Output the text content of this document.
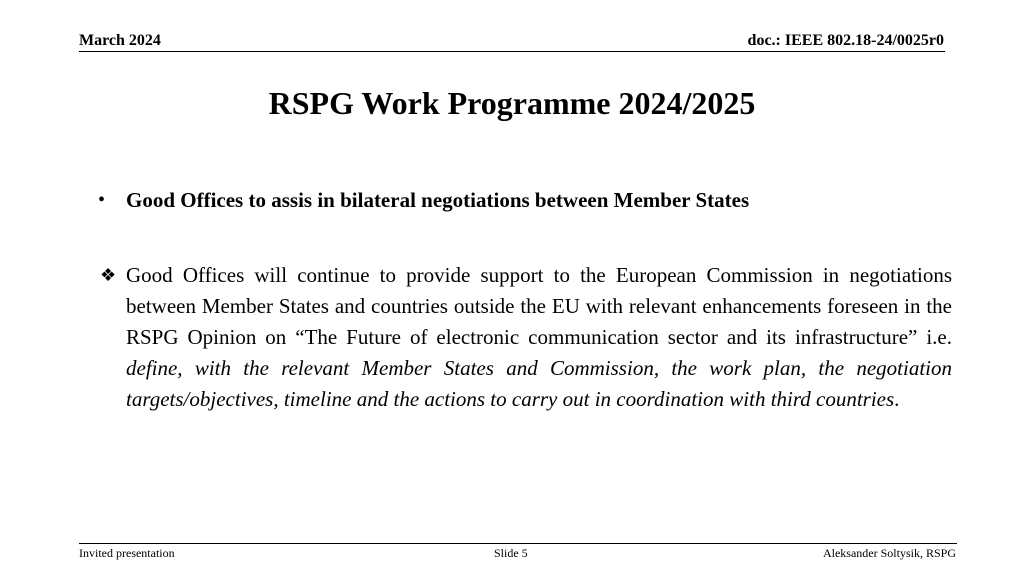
March 2024	doc.: IEEE 802.18-24/0025r0
RSPG Work Programme 2024/2025
• Good Offices to assis in bilateral negotiations between Member States
❖ Good Offices will continue to provide support to the European Commission in negotiations between Member States and countries outside the EU with relevant enhancements foreseen in the RSPG Opinion on “The Future of electronic communication sector and its infrastructure” i.e. define, with the relevant Member States and Commission, the work plan, the negotiation targets/objectives, timeline and the actions to carry out in coordination with third countries.
Invited presentation	Slide 5	Aleksander Soltysik, RSPG
